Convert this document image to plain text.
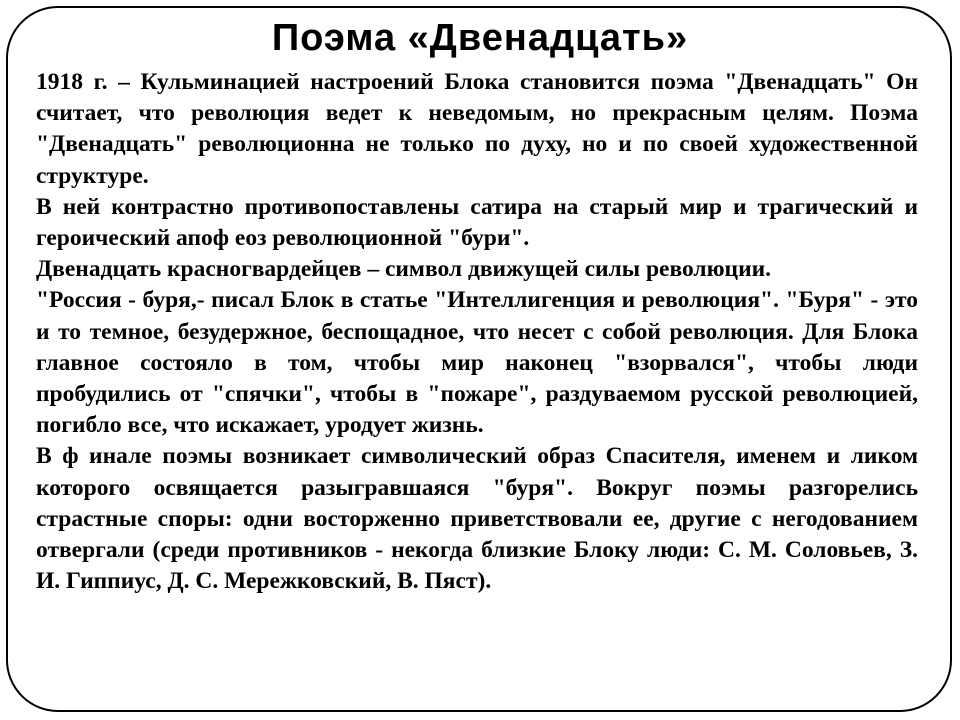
Поэма «Двенадцать»

1918 г. – Кульминацией настроений Блока становится поэма "Двенадцать" Он считает, что революция ведет к неведомым, но прекрасным целям. Поэма "Двенадцать" революционна не только по духу, но и по своей художественной структуре.

В ней контрастно противопоставлены сатира на старый мир и трагический и героический апоф еоз революционной "бури".

Двенадцать красногвардейцев – символ движущей силы революции.

"Россия - буря,- писал Блок в статье "Интеллигенция и революция". "Буря" - это и то темное, безудержное, беспощадное, что несет с собой революция. Для Блока главное состояло в том, чтобы мир наконец "взорвался", чтобы люди пробудились от "спячки", чтобы в "пожаре", раздуваемом русской революцией, погибло все, что искажает, уродует жизнь.

В ф инале поэмы возникает символический образ Спасителя, именем и ликом которого освящается разыгравшаяся "буря". Вокруг поэмы разгорелись страстные споры: одни восторженно приветствовали ее, другие с негодованием отвергали (среди противников - некогда близкие Блоку люди: С. М. Соловьев, З. И. Гиппиус, Д. С. Мережковский, В. Пяст).
